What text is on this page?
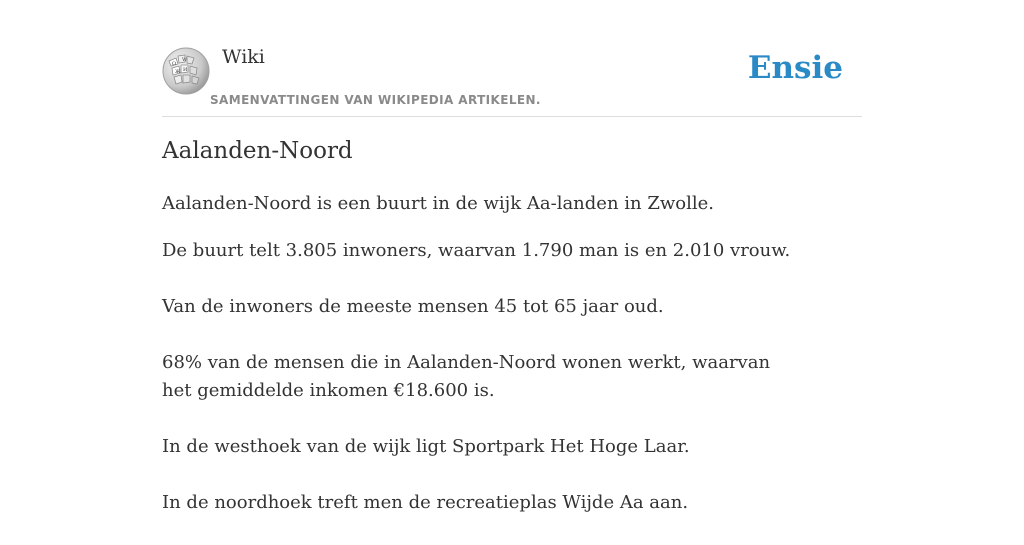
Ω
W
Ж И
Wiki
SAMENVATTINGEN VAN WIKIPEDIA ARTIKELEN.
Ensie
Aalanden-Noord

Aalanden-Noord is een buurt in de wijk Aa-landen in Zwolle.

De buurt telt 3.805 inwoners, waarvan 1.790 man is en 2.010 vrouw.

Van de inwoners de meeste mensen 45 tot 65 jaar oud.

68% van de mensen die in Aalanden-Noord wonen werkt, waarvan het gemiddelde inkomen €18.600 is.

In de westhoek van de wijk ligt Sportpark Het Hoge Laar.

In de noordhoek treft men de recreatieplas Wijde Aa aan.
